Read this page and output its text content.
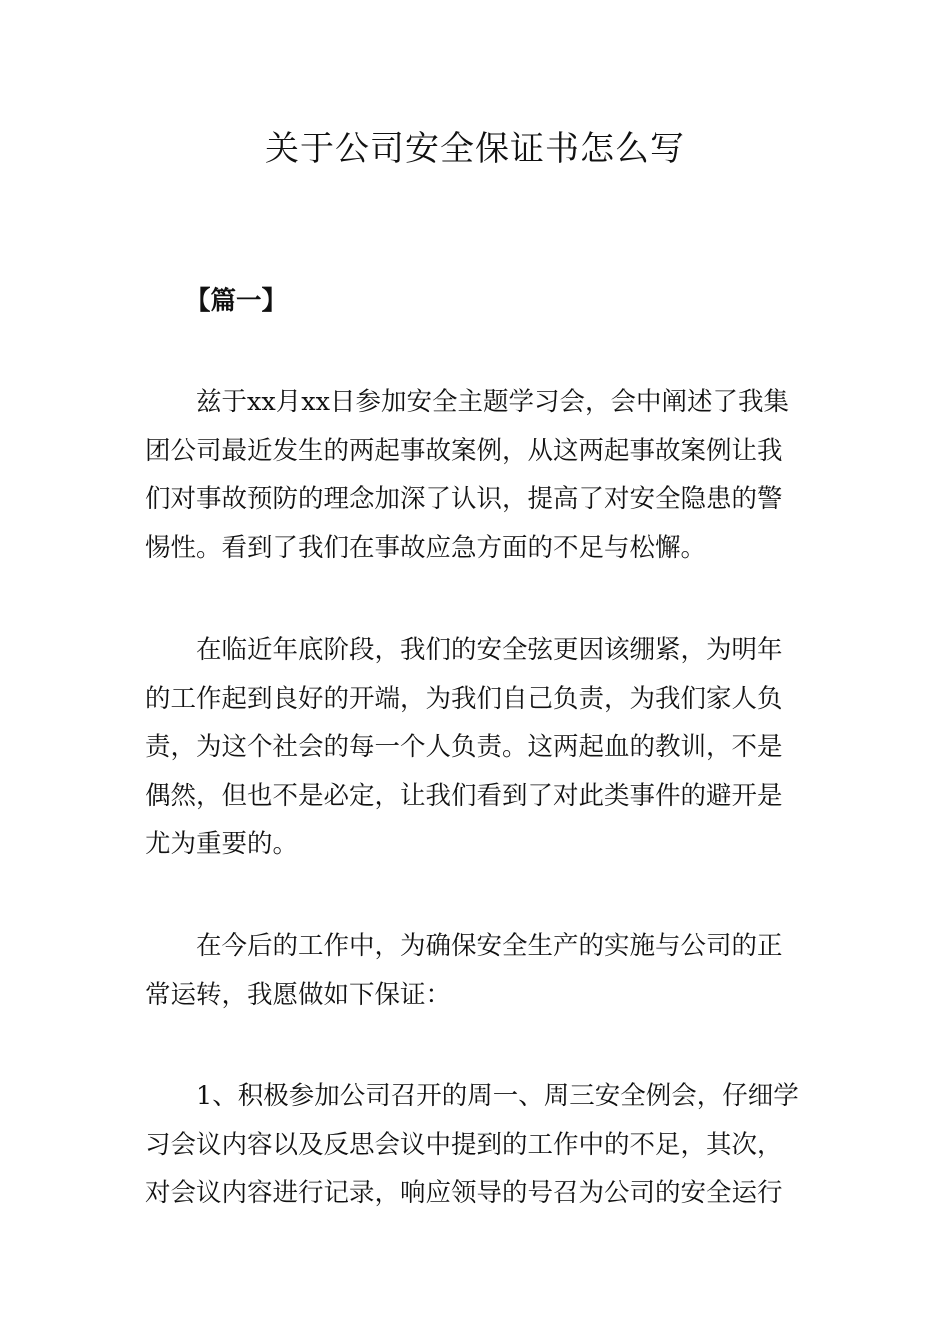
关于公司安全保证书怎么写

【篇一】

兹于xx月xx日参加安全主题学习会，会中阐述了我集
团公司最近发生的两起事故案例，从这两起事故案例让我
们对事故预防的理念加深了认识，提高了对安全隐患的警
惕性。看到了我们在事故应急方面的不足与松懈。

在临近年底阶段，我们的安全弦更因该绷紧，为明年
的工作起到良好的开端，为我们自己负责，为我们家人负
责，为这个社会的每一个人负责。这两起血的教训，不是
偶然，但也不是必定，让我们看到了对此类事件的避开是
尤为重要的。

在今后的工作中，为确保安全生产的实施与公司的正
常运转，我愿做如下保证：

1、积极参加公司召开的周一、周三安全例会，仔细学
习会议内容以及反思会议中提到的工作中的不足，其次，
对会议内容进行记录，响应领导的号召为公司的安全运行
